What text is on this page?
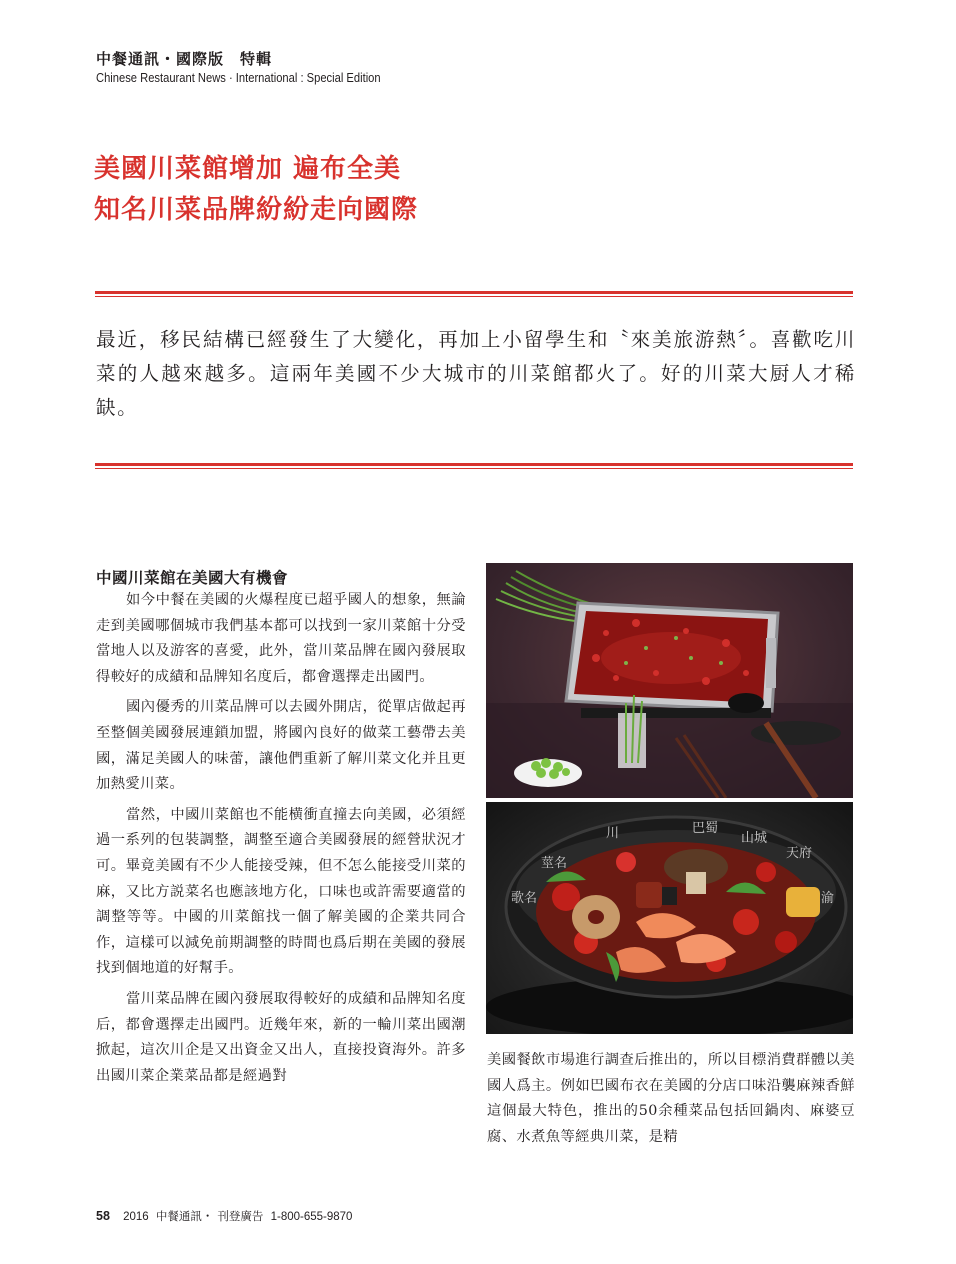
中餐通訊・國際版　特輯
Chinese Restaurant News · International : Special Edition
美國川菜館增加 遍布全美
知名川菜品牌紛紛走向國際
最近，移民結構已經發生了大變化，再加上小留學生和〝來美旅游熱〞。喜歡吃川菜的人越來越多。這兩年美國不少大城市的川菜館都火了。好的川菜大厨人才稀缺。
中國川菜館在美國大有機會

如今中餐在美國的火爆程度已超乎國人的想象，無論走到美國哪個城市我們基本都可以找到一家川菜館十分受當地人以及游客的喜愛，此外，當川菜品牌在國內發展取得較好的成績和品牌知名度后，都會選擇走出國門。

國內優秀的川菜品牌可以去國外開店，從單店做起再至整個美國發展連鎖加盟，將國內良好的做菜工藝帶去美國，滿足美國人的味蕾，讓他們重新了解川菜文化并且更加熱愛川菜。

當然，中國川菜館也不能横衝直撞去向美國，必須經過一系列的包裝調整，調整至適合美國發展的經營狀況才可。畢竟美國有不少人能接受辣，但不怎么能接受川菜的麻，又比方説菜名也應該地方化，口味也或許需要適當的調整等等。中國的川菜館找一個了解美國的企業共同合作，這樣可以減免前期調整的時間也爲后期在美國的發展找到個地道的好幫手。

當川菜品牌在國內發展取得較好的成績和品牌知名度后，都會選擇走出國門。近幾年來，新的一輪川菜出國潮掀起，這次川企是又出資金又出人，直接投資海外。許多出國川菜企業菜品都是經過對

巴蜀
山城
天府
莖名
歌名
川
渝

美國餐飲市場進行調查后推出的，所以目標消費群體以美國人爲主。例如巴國布衣在美國的分店口味沿襲麻辣香鮮這個最大特色，推出的50余種菜品包括回鍋肉、麻婆豆腐、水煮魚等經典川菜，是精

58 2016 中餐通訊・ 刊登廣告 1-800-655-9870
